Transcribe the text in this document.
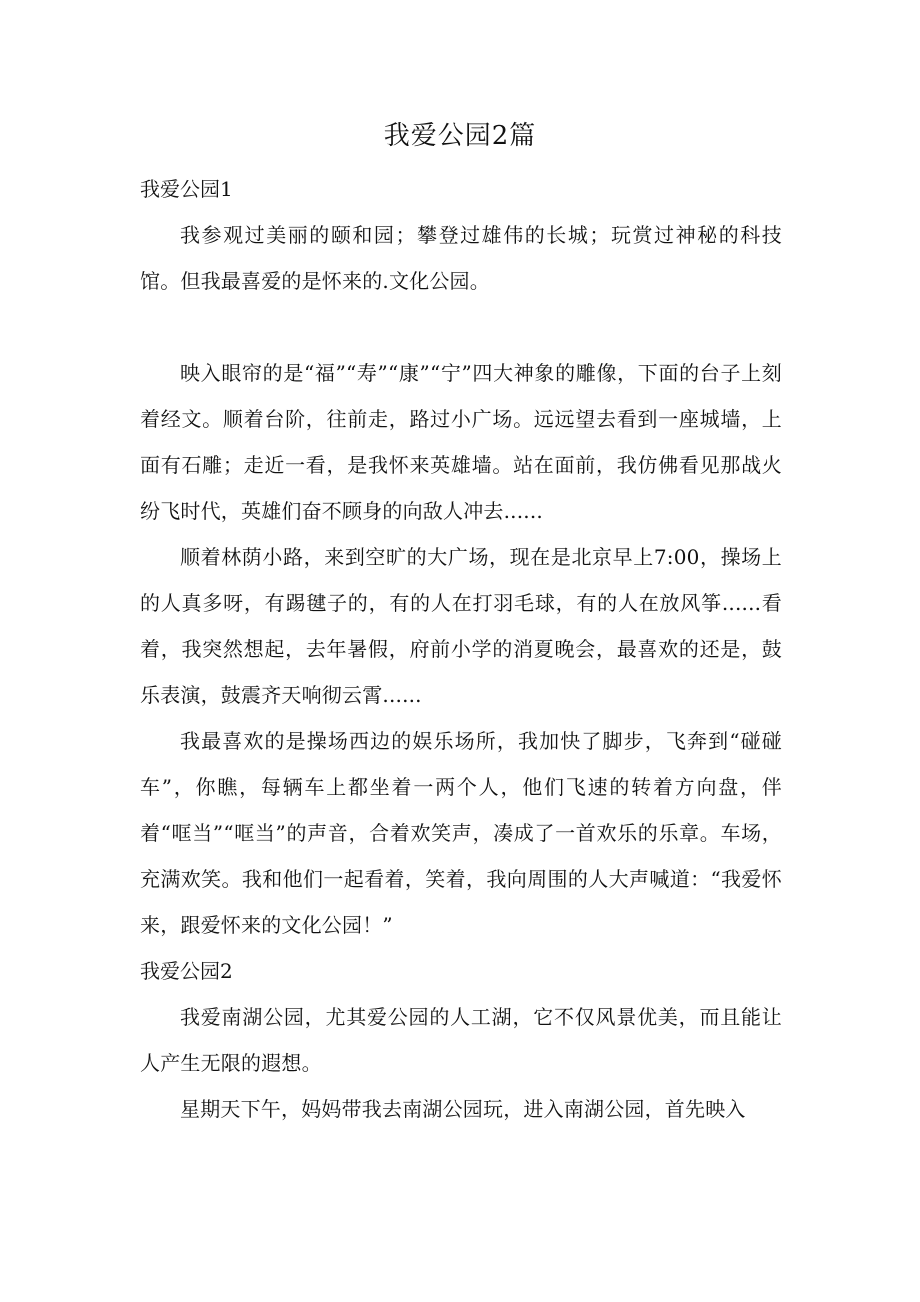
我爱公园2篇
我爱公园1

我参观过美丽的颐和园；攀登过雄伟的长城；玩赏过神秘的科技馆。但我最喜爱的是怀来的.文化公园。

映入眼帘的是“福”“寿”“康”“宁”四大神象的雕像，下面的台子上刻着经文。顺着台阶，往前走，路过小广场。远远望去看到一座城墙，上面有石雕；走近一看，是我怀来英雄墙。站在面前，我仿佛看见那战火纷飞时代，英雄们奋不顾身的向敌人冲去......

顺着林荫小路，来到空旷的大广场，现在是北京早上7:00，操场上的人真多呀，有踢毽子的，有的人在打羽毛球，有的人在放风筝......看着，我突然想起，去年暑假，府前小学的消夏晚会，最喜欢的还是，鼓乐表演，鼓震齐天响彻云霄......

我最喜欢的是操场西边的娱乐场所，我加快了脚步，飞奔到“碰碰车”，你瞧，每辆车上都坐着一两个人，他们飞速的转着方向盘，伴着“哐当”“哐当”的声音，合着欢笑声，凑成了一首欢乐的乐章。车场，充满欢笑。我和他们一起看着，笑着，我向周围的人大声喊道：“我爱怀来，跟爱怀来的文化公园！”

我爱公园2

我爱南湖公园，尤其爱公园的人工湖，它不仅风景优美，而且能让人产生无限的遐想。

星期天下午，妈妈带我去南湖公园玩，进入南湖公园，首先映入
